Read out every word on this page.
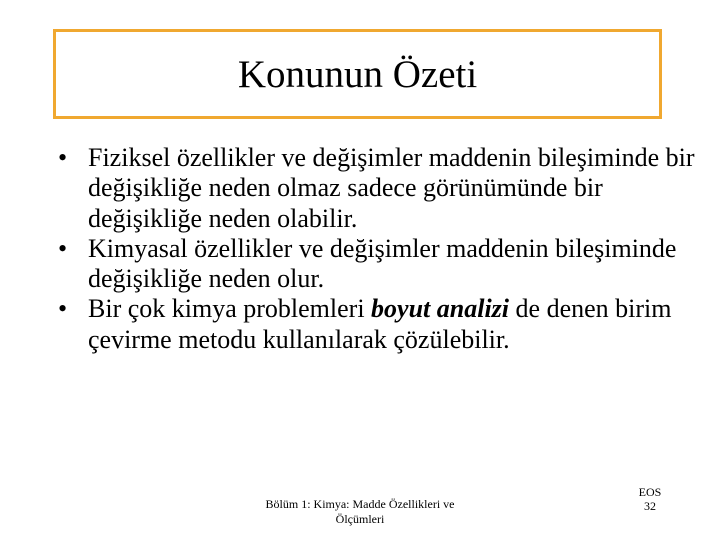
Konunun Özeti
• Fiziksel özellikler ve değişimler maddenin bileşiminde bir değişikliğe neden olmaz sadece görünümünde bir değişikliğe neden olabilir.
• Kimyasal özellikler ve değişimler maddenin bileşiminde değişikliğe neden olur.
• Bir çok kimya problemleri boyut analizi de denen birim çevirme metodu kullanılarak çözülebilir.
Bölüm 1: Kimya: Madde Özellikleri ve Ölçümleri
EOS
32
